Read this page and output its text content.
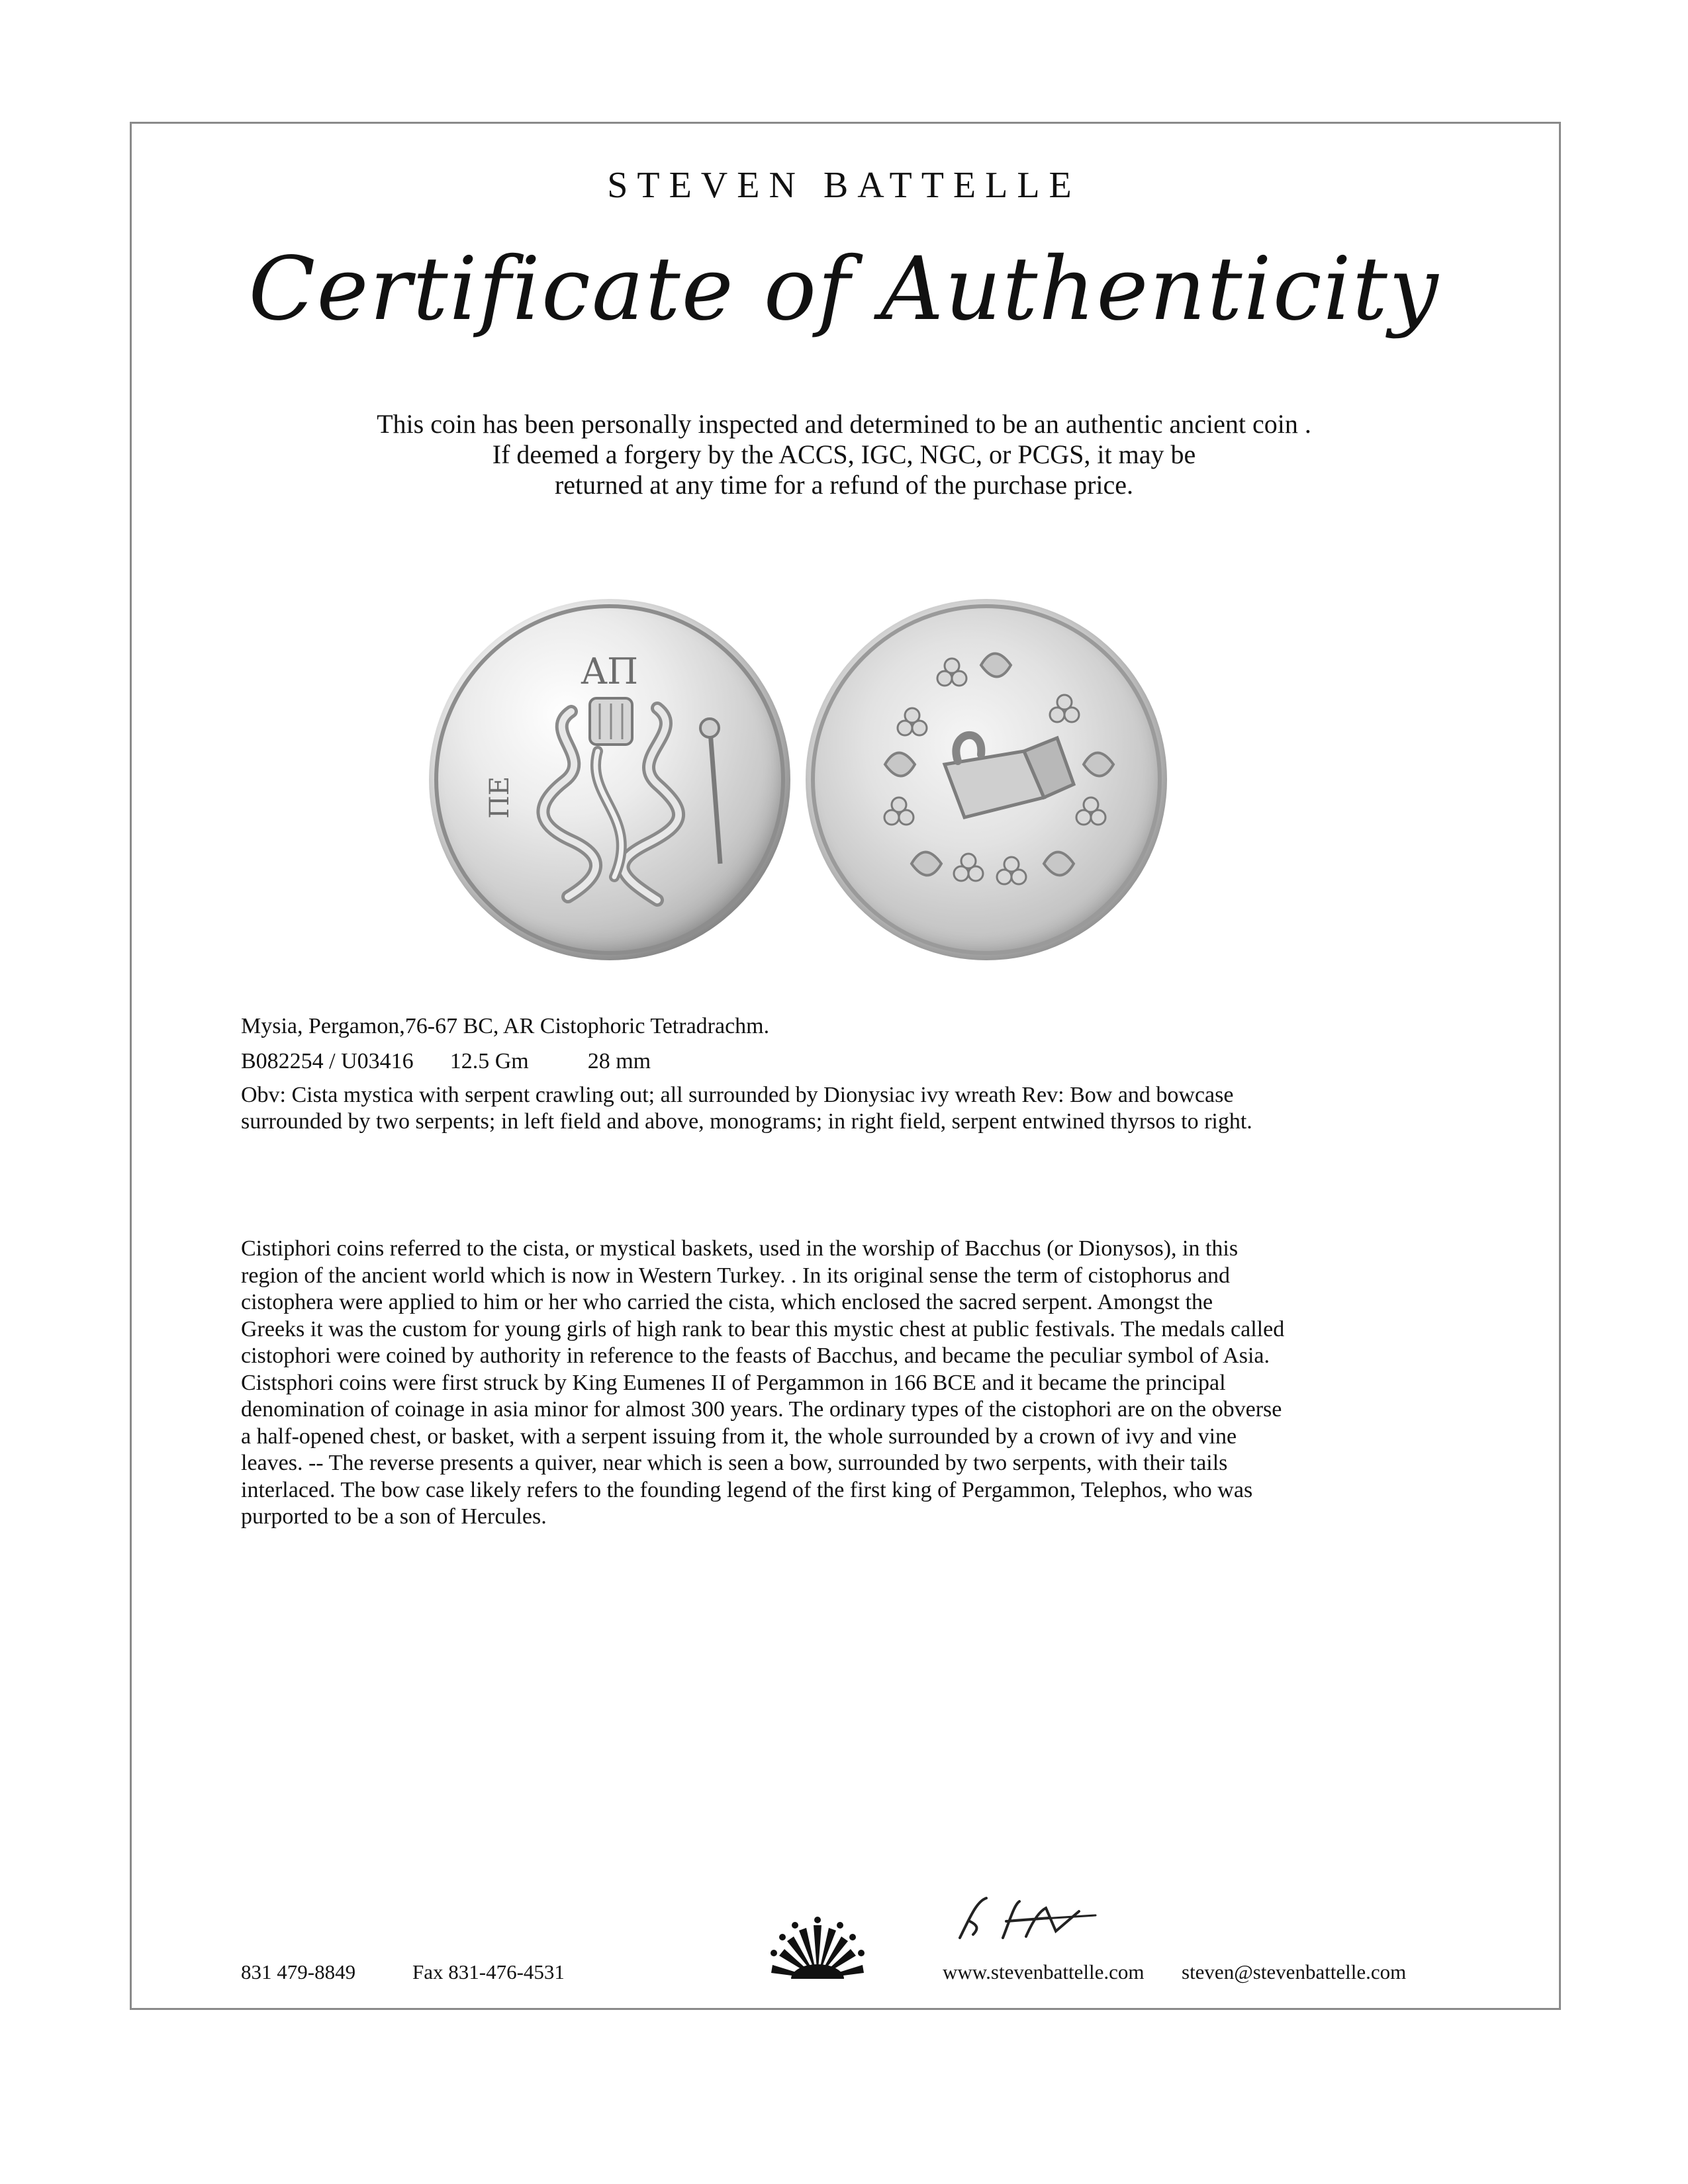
STEVEN BATTELLE
Certificate of Authenticity
This coin has been personally inspected and determined to be an authentic ancient coin .
If deemed a forgery by the ACCS, IGC, NGC, or PCGS, it may be
returned at any time for a refund of the purchase price.
ΑΠ
ΠΕ
Mysia, Pergamon,76-67 BC, AR Cistophoric Tetradrachm.
B082254 / U03416 12.5 Gm	28 mm
Obv: Cista mystica with serpent crawling out; all surrounded by Dionysiac ivy wreath Rev: Bow and bowcase
surrounded by two serpents; in left field and above, monograms; in right field, serpent entwined thyrsos to right.
Cistiphori coins referred to the cista, or mystical baskets, used in the worship of Bacchus (or Dionysos), in this
region of the ancient world which is now in Western Turkey. . In its original sense the term of cistophorus and
cistophera were applied to him or her who carried the cista, which enclosed the sacred serpent. Amongst the
Greeks it was the custom for young girls of high rank to bear this mystic chest at public festivals. The medals called
cistophori were coined by authority in reference to the feasts of Bacchus, and became the peculiar symbol of Asia.
Cistsphori coins were first struck by King Eumenes II of Pergammon in 166 BCE and it became the principal
denomination of coinage in asia minor for almost 300 years. The ordinary types of the cistophori are on the obverse
a half-opened chest, or basket, with a serpent issuing from it, the whole surrounded by a crown of ivy and vine
leaves. -- The reverse presents a quiver, near which is seen a bow, surrounded by two serpents, with their tails
interlaced. The bow case likely refers to the founding legend of the first king of Pergammon, Telephos, who was
purported to be a son of Hercules.
831 479-8849	Fax 831-476-4531	www.stevenbattelle.com steven@stevenbattelle.com
